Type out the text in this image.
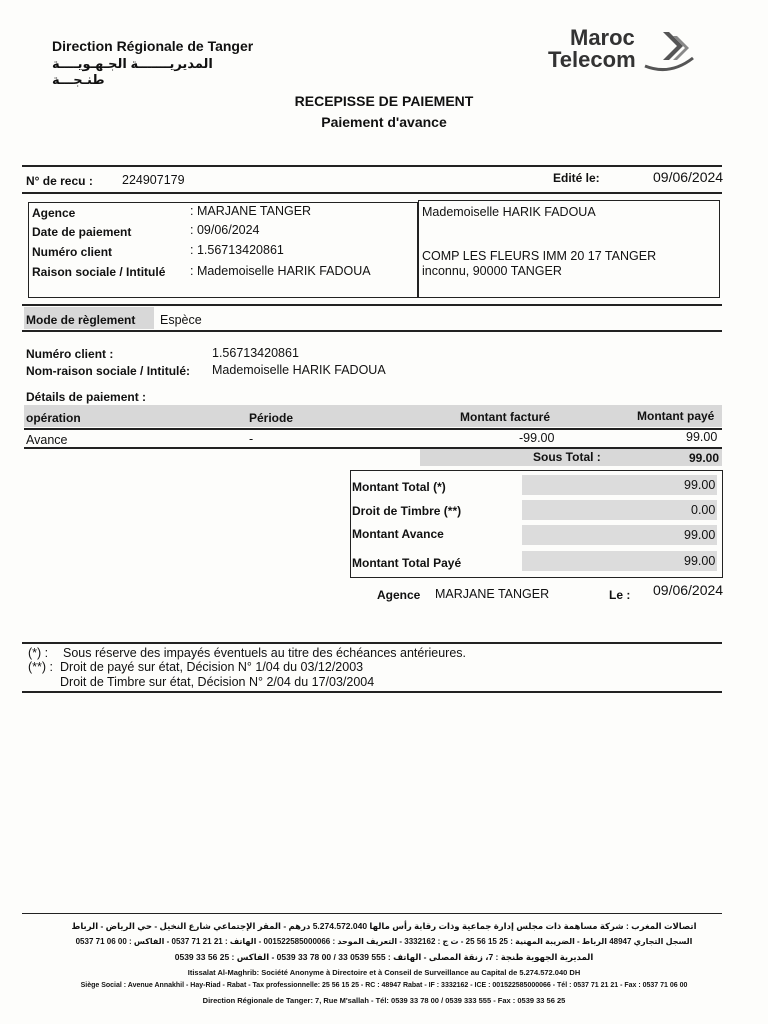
Direction Régionale de Tanger
المديريـــــــة الجـهـويــــة طنـجـــة
Maroc
Telecom
RECEPISSE DE PAIEMENT
Paiement d'avance
N° de recu : 224907179	Edité le:	09/06/2024
Agence	: MARJANE TANGER
Date de paiement	: 09/06/2024
Numéro client	: 1.56713420861
Raison sociale / Intitulé : Mademoiselle HARIK FADOUA
Mademoiselle HARIK FADOUA
COMP LES FLEURS IMM 20 17 TANGER
inconnu, 90000 TANGER
Mode de règlement Espèce
Numéro client :	1.56713420861
Nom-raison sociale / Intitulé: Mademoiselle HARIK FADOUA
Détails de paiement :
opération	Période	Montant facturé	Montant payé
Avance	-	-99.00	99.00
Sous Total :	99.00
Montant Total (*)	99.00
Droit de Timbre (**)	0.00
Montant Avance	99.00
Montant Total Payé	99.00
Agence MARJANE TANGER	Le : 09/06/2024
(*) : Sous réserve des impayés éventuels au titre des échéances antérieures.
(**) : Droit de payé sur état, Décision N° 1/04 du 03/12/2003
Droit de Timbre sur état, Décision N° 2/04 du 17/03/2004
اتصالات المغرب : شركة مساهمة ذات مجلس إدارة جماعية وذات رقابة رأس مالها 5.274.572.040 درهم - المقر الإجتماعي شارع النخيل - حي الرياض - الرباط
السجل التجاري 48947 الرباط - الضريبة المهنية : 25 15 56 25 - ت ج : 3332162 - التعريف الموحد : 001522585000066 - الهاتف : 21 21 71 0537 - الفاكس : 00 06 71 0537
المديرية الجهوية طنجة : 7، زنقة المصلى - الهاتف : 555 0539 33 / 00 78 33 0539 - الفاكس : 25 56 33 0539
Itissalat Al-Maghrib: Société Anonyme à Directoire et à Conseil de Surveillance au Capital de 5.274.572.040 DH
Siège Social : Avenue Annakhil - Hay-Riad - Rabat - Tax professionnelle: 25 56 15 25 - RC : 48947 Rabat - IF : 3332162 - ICE : 001522585000066 - Tél : 0537 71 21 21 - Fax : 0537 71 06 00
Direction Régionale de Tanger: 7, Rue M'sallah - Tél: 0539 33 78 00 / 0539 333 555 - Fax : 0539 33 56 25
